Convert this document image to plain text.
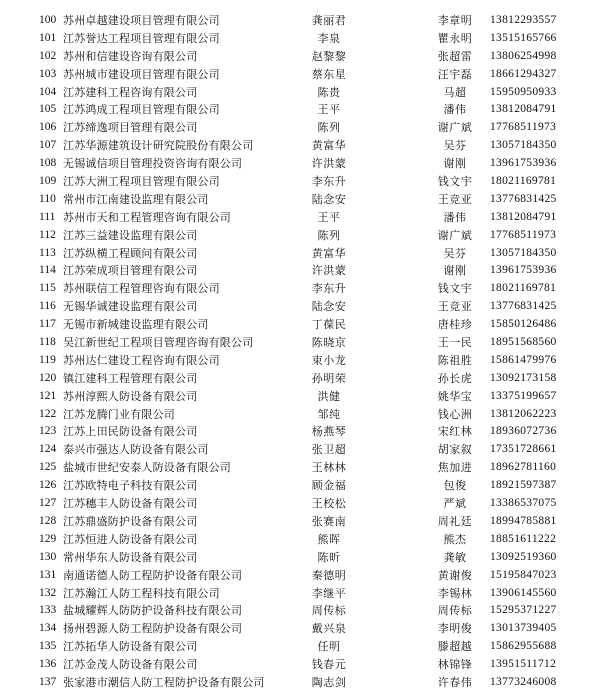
100 苏州卓越建设项目管理有限公司	龚丽君	李章明	13812293557
101 江苏誉达工程项目管理有限公司	李泉	瞿永明	13515165766
102 苏州和信建设咨询有限公司	赵黎黎	张超雷	13806254998
103 苏州城市建设项目管理有限公司	蔡东星	汪宇磊	18661294327
104 江苏建科工程咨询有限公司	陈贵	马超	15950950933
105 江苏鸿成工程项目管理有限公司	王平	潘伟	13812084791
106 江苏缔逸项目管理有限公司	陈列	谢广斌	17768511973
107 江苏华源建筑设计研究院股份有限公司	黄富华	吴芬	13057184350
108 无锡诚信项目管理投资咨询有限公司	许洪蒙	谢刚	13961753936
109 江苏大洲工程项目管理有限公司	李东升	钱文宇	18021169781
110 常州市江南建设监理有限公司	陆念安	王竞亚	13776831425
111 苏州市天和工程管理咨询有限公司	王平	潘伟	13812084791
112 江苏三益建设监理有限公司	陈列	谢广斌	17768511973
113 江苏纵横工程顾问有限公司	黄富华	吴芬	13057184350
114 江苏荣成项目管理有限公司	许洪蒙	谢刚	13961753936
115 苏州联信工程管理咨询有限公司	李东升	钱文宇	18021169781
116 无锡华诚建设监理有限公司	陆念安	王竞亚	13776831425
117 无锡市新城建设监理有限公司	丁葆民	唐桂珍	15850126486
118 吴江新世纪工程项目管理咨询有限公司	陈晓京	王一民	18951568560
119 苏州达仁建设工程咨询有限公司	束小龙	陈祖胜	15861479976
120 镇江建科工程管理有限公司	孙明荣	孙长虎	13092173158
121 苏州淳熙人防设备有限公司	洪健	姚华宝	13375199657
122 江苏龙腾门业有限公司	邹纯	钱心洲	13812062223
123 江苏上田民防设备有限公司	杨燕琴	宋红林	18936072736
124 泰兴市强达人防设备有限公司	张卫超	胡家叙	17351728661
125 盐城市世纪安泰人防设备有限公司	王林林	焦加进	18962781160
126 江苏欧特电子科技有限公司	顾金福	包俊	18921597387
127 江苏穗丰人防设备有限公司	王校松	严斌	13386537075
128 江苏鼎盛防护设备有限公司	张赛南	周礼廷	18994785881
129 江苏恒进人防设备有限公司	熊晖	熊杰	18851611222
130 常州华东人防设备有限公司	陈昕	龚敏	13092519360
131 南通诺德人防工程防护设备有限公司	秦德明	黄谢俊	15195847023
132 江苏瀚江人防工程科技有限公司	李继平	李锡林	13906145560
133 盐城耀辉人防防护设备科技有限公司	周传标	周传标	15295371227
134 扬州碧源人防工程防护设备有限公司	戴兴泉	李明俊	13013739405
135 江苏拓华人防设备有限公司	任明	滕超越	15862955688
136 江苏金茂人防设备有限公司	钱春元	林锦锋	13951511712
137 张家港市潮信人防工程防护设备有限公司	陶志剑	许春伟	13773246008
